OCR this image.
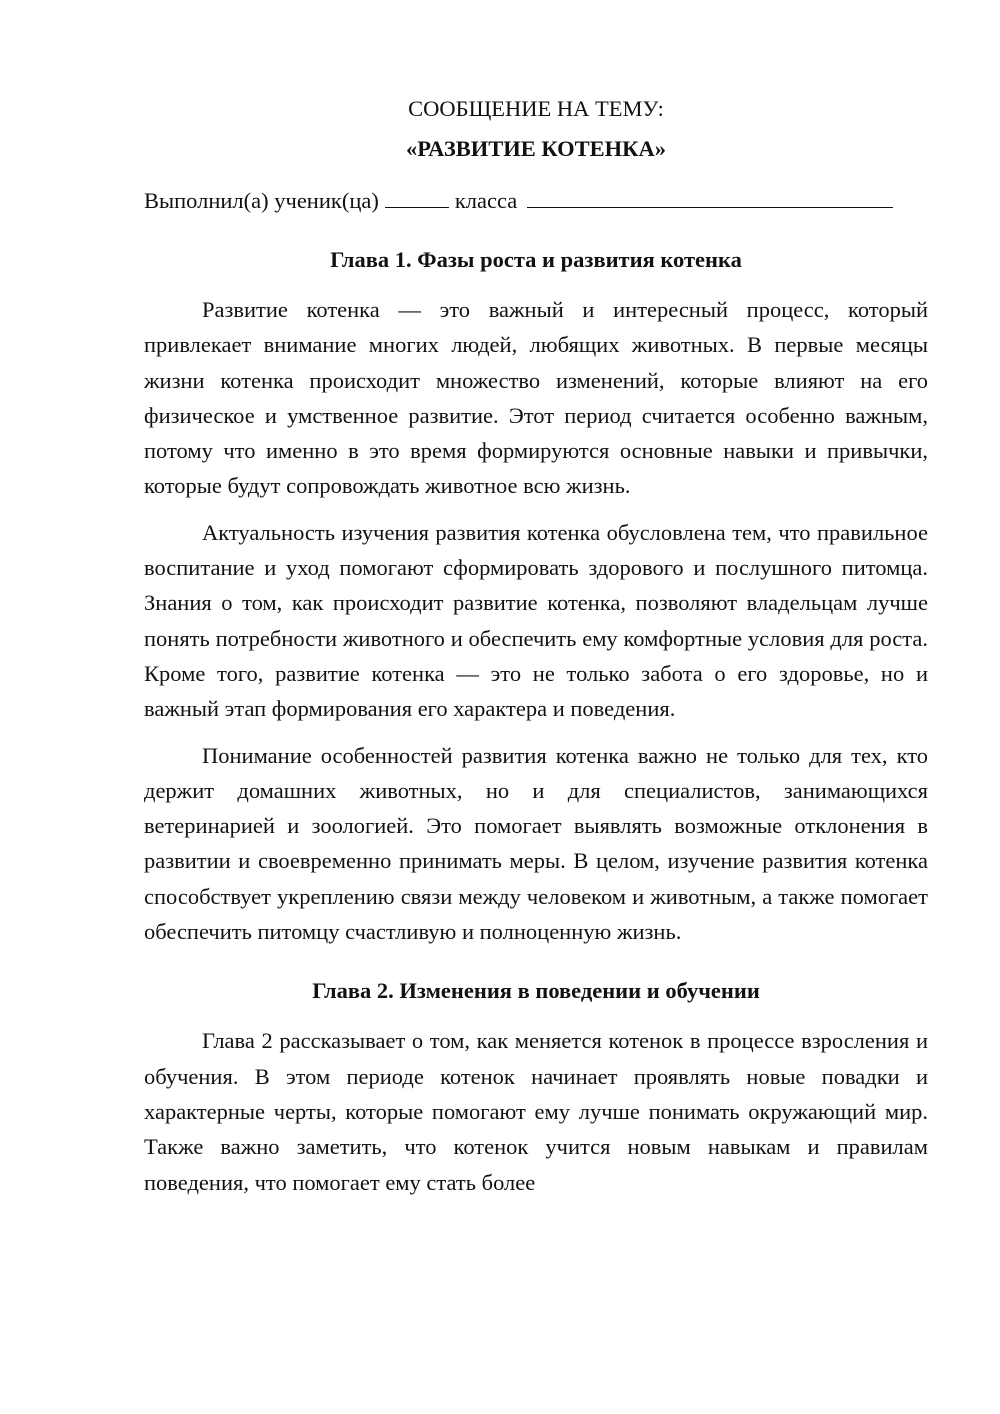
СООБЩЕНИЕ НА ТЕМУ:

«РАЗВИТИЕ КОТЕНКА»

Выполнил(а) ученик(ца)	класса
Глава 1. Фазы роста и развития котенка

Развитие котенка — это важный и интересный процесс, который привлекает внимание многих людей, любящих животных. В первые месяцы жизни котенка происходит множество изменений, которые влияют на его физическое и умственное развитие. Этот период считается особенно важным, потому что именно в это время формируются основные навыки и привычки, которые будут сопровождать животное всю жизнь.

Актуальность изучения развития котенка обусловлена тем, что правильное воспитание и уход помогают сформировать здорового и послушного питомца. Знания о том, как происходит развитие котенка, позволяют владельцам лучше понять потребности животного и обеспечить ему комфортные условия для роста. Кроме того, развитие котенка — это не только забота о его здоровье, но и важный этап формирования его характера и поведения.

Понимание особенностей развития котенка важно не только для тех, кто держит домашних животных, но и для специалистов, занимающихся ветеринарией и зоологией. Это помогает выявлять возможные отклонения в развитии и своевременно принимать меры. В целом, изучение развития котенка способствует укреплению связи между человеком и животным, а также помогает обеспечить питомцу счастливую и полноценную жизнь.

Глава 2. Изменения в поведении и обучении

Глава 2 рассказывает о том, как меняется котенок в процессе взросления и обучения. В этом периоде котенок начинает проявлять новые повадки и характерные черты, которые помогают ему лучше понимать окружающий мир. Также важно заметить, что котенок учится новым навыкам и правилам поведения, что помогает ему стать более
